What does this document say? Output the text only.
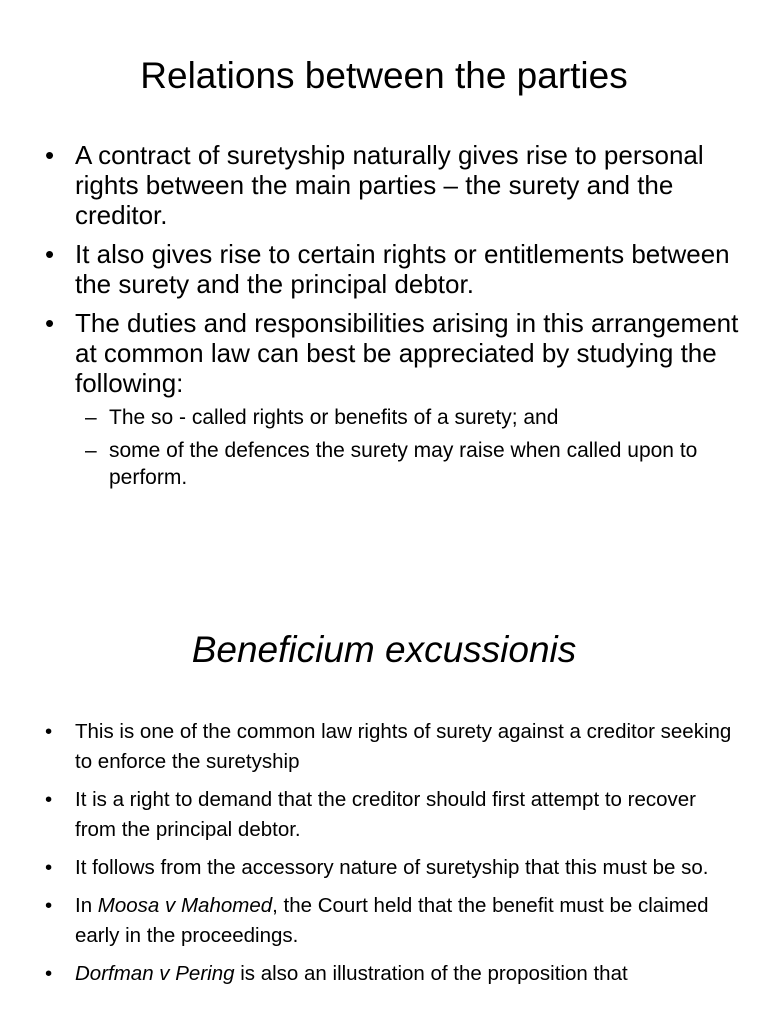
Relations between the parties
• A contract of suretyship naturally gives rise to personal rights between the main parties – the surety and the creditor.
• It also gives rise to certain rights or entitlements between the surety and the principal debtor.
• The duties and responsibilities arising in this arrangement at common law can best be appreciated by studying the following:
– The so - called rights or benefits of a surety; and
– some of the defences the surety may raise when called upon to perform.
Beneficium excussionis
• This is one of the common law rights of surety against a creditor seeking to enforce the suretyship
• It is a right to demand that the creditor should first attempt to recover from the principal debtor.
• It follows from the accessory nature of suretyship that this must be so.
• In Moosa v Mahomed, the Court held that the benefit must be claimed early in the proceedings.
• Dorfman v Pering is also an illustration of the proposition that
